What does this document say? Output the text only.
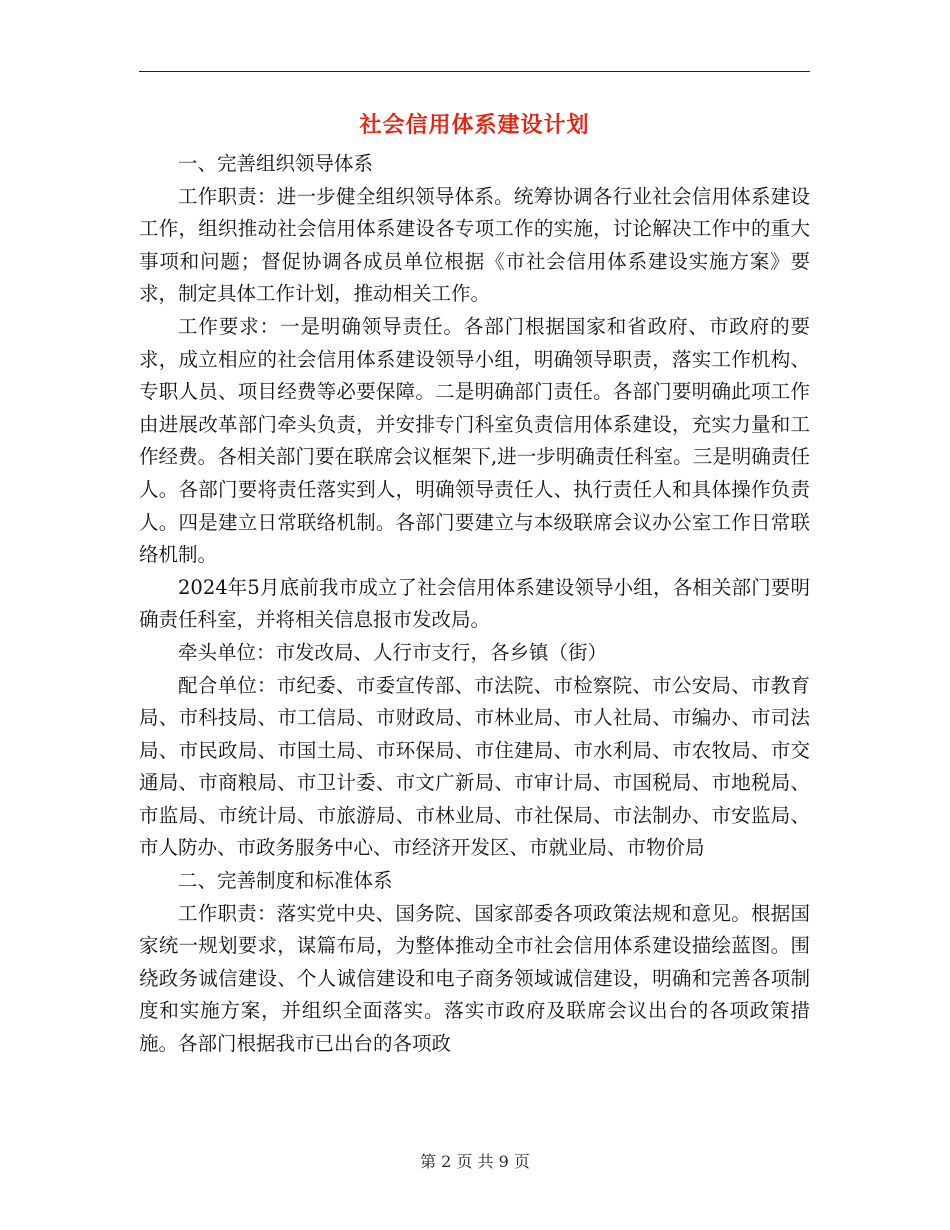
社会信用体系建设计划

一、完善组织领导体系

工作职责：进一步健全组织领导体系。统筹协调各行业社会信用体系建设工作，组织推动社会信用体系建设各专项工作的实施，讨论解决工作中的重大事项和问题；督促协调各成员单位根据《市社会信用体系建设实施方案》要求，制定具体工作计划，推动相关工作。

工作要求：一是明确领导责任。各部门根据国家和省政府、市政府的要求，成立相应的社会信用体系建设领导小组，明确领导职责，落实工作机构、专职人员、项目经费等必要保障。二是明确部门责任。各部门要明确此项工作由进展改革部门牵头负责，并安排专门科室负责信用体系建设，充实力量和工作经费。各相关部门要在联席会议框架下,进一步明确责任科室。三是明确责任人。各部门要将责任落实到人，明确领导责任人、执行责任人和具体操作负责人。四是建立日常联络机制。各部门要建立与本级联席会议办公室工作日常联络机制。

2024年5月底前我市成立了社会信用体系建设领导小组，各相关部门要明确责任科室，并将相关信息报市发改局。

牵头单位：市发改局、人行市支行，各乡镇（街）

配合单位：市纪委、市委宣传部、市法院、市检察院、市公安局、市教育局、市科技局、市工信局、市财政局、市林业局、市人社局、市编办、市司法局、市民政局、市国土局、市环保局、市住建局、市水利局、市农牧局、市交通局、市商粮局、市卫计委、市文广新局、市审计局、市国税局、市地税局、市监局、市统计局、市旅游局、市林业局、市社保局、市法制办、市安监局、市人防办、市政务服务中心、市经济开发区、市就业局、市物价局

二、完善制度和标准体系

工作职责：落实党中央、国务院、国家部委各项政策法规和意见。根据国家统一规划要求，谋篇布局，为整体推动全市社会信用体系建设描绘蓝图。围绕政务诚信建设、个人诚信建设和电子商务领域诚信建设，明确和完善各项制度和实施方案，并组织全面落实。落实市政府及联席会议出台的各项政策措施。各部门根据我市已出台的各项政

第 2 页 共 9 页
